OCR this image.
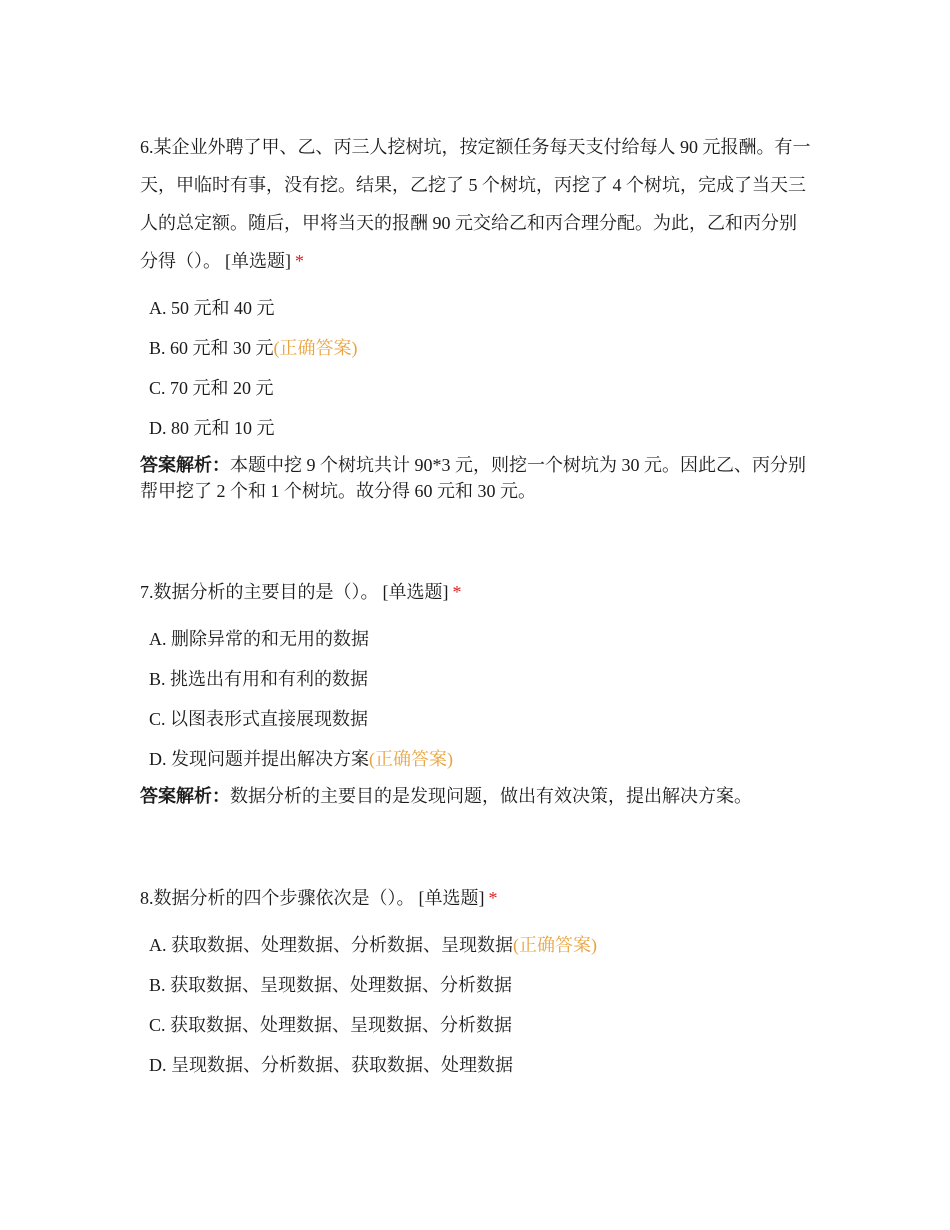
6.某企业外聘了甲、乙、丙三人挖树坑，按定额任务每天支付给每人 90 元报酬。有一天，甲临时有事，没有挖。结果，乙挖了 5 个树坑，丙挖了 4 个树坑，完成了当天三人的总定额。随后，甲将当天的报酬 90 元交给乙和丙合理分配。为此，乙和丙分别分得（）。 [单选题] *

A. 50 元和 40 元
B. 60 元和 30 元(正确答案)
C. 70 元和 20 元
D. 80 元和 10 元
答案解析：本题中挖 9 个树坑共计 90*3 元，则挖一个树坑为 30 元。因此乙、丙分别帮甲挖了 2 个和 1 个树坑。故分得 60 元和 30 元。

7.数据分析的主要目的是（）。 [单选题] *

A. 删除异常的和无用的数据
B. 挑选出有用和有利的数据
C. 以图表形式直接展现数据
D. 发现问题并提出解决方案(正确答案)
答案解析：数据分析的主要目的是发现问题，做出有效决策，提出解决方案。

8.数据分析的四个步骤依次是（）。 [单选题] *

A. 获取数据、处理数据、分析数据、呈现数据(正确答案)
B. 获取数据、呈现数据、处理数据、分析数据
C. 获取数据、处理数据、呈现数据、分析数据
D. 呈现数据、分析数据、获取数据、处理数据
